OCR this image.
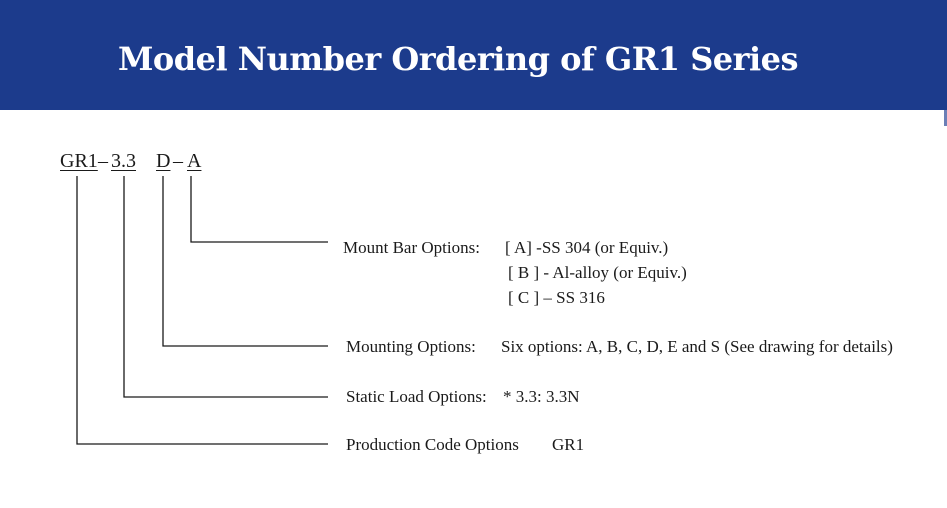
Model Number Ordering of GR1 Series
GR1 – 3.3 D – A
Mount Bar Options: [ A] -SS 304 (or Equiv.)
[ B ] - Al-alloy (or Equiv.)
[ C ] – SS 316
Mounting Options: Six options: A, B, C, D, E and S (See drawing for details)
Static Load Options: * 3.3: 3.3N
Production Code Options GR1
